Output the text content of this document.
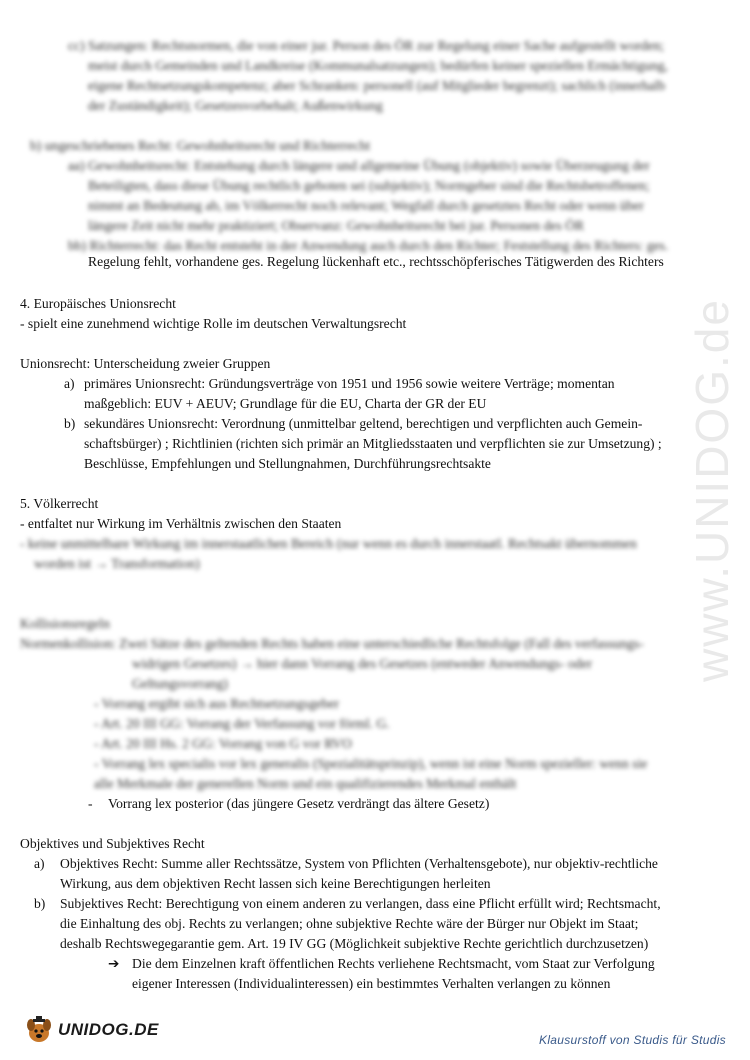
www.UNIDOG.de
cc) Satzungen: Rechtsnormen, die von einer jur. Person des ÖR zur Regelung einer Sache aufgestellt worden;
meist durch Gemeinden und Landkreise (Kommunalsatzungen); bedürfen keiner speziellen Ermächtigung,
eigene Rechtsetzungskompetenz; aber Schranken: personell (auf Mitglieder begrenzt); sachlich (innerhalb
der Zuständigkeit); Gesetzesvorbehalt; Außenwirkung

b) ungeschriebenes Recht: Gewohnheitsrecht und Richterrecht
aa) Gewohnheitsrecht: Entstehung durch längere und allgemeine Übung (objektiv) sowie Überzeugung der
Beteiligten, dass diese Übung rechtlich geboten sei (subjektiv); Normgeber sind die Rechtsbetroffenen;
nimmt an Bedeutung ab, im Völkerrecht noch relevant; Wegfall durch gesetztes Recht oder wenn über
längere Zeit nicht mehr praktiziert; Observanz: Gewohnheitsrecht bei jur. Personen des ÖR
bb) Richterrecht: das Recht entsteht in der Anwendung auch durch den Richter; Feststellung des Richters: ges.
Regelung fehlt, vorhandene ges. Regelung lückenhaft etc., rechtsschöpferisches Tätigwerden des Richters
4. Europäisches Unionsrecht
- spielt eine zunehmend wichtige Rolle im deutschen Verwaltungsrecht
Unionsrecht: Unterscheidung zweier Gruppen
a) primäres Unionsrecht: Gründungsverträge von 1951 und 1956 sowie weitere Verträge; momentan
maßgeblich: EUV + AEUV; Grundlage für die EU, Charta der GR der EU
b) sekundäres Unionsrecht: Verordnung (unmittelbar geltend, berechtigen und verpflichten auch Gemein-
schaftsbürger) ; Richtlinien (richten sich primär an Mitgliedsstaaten und verpflichten sie zur Umsetzung) ;
Beschlüsse, Empfehlungen und Stellungnahmen, Durchführungsrechtsakte
5. Völkerrecht
- entfaltet nur Wirkung im Verhältnis zwischen den Staaten
- keine unmittelbare Wirkung im innerstaatlichen Bereich (nur wenn es durch innerstaatl. Rechtsakt übernommen
worden ist → Transformation)
Kollisionsregeln
Normenkollision: Zwei Sätze des geltenden Rechts haben eine unterschiedliche Rechtsfolge (Fall des verfassungs-
widrigen Gesetzes) → hier dann Vorrang des Gesetzes (entweder Anwendungs- oder
Geltungsvorrang)
- Vorrang ergibt sich aus Rechtsetzungsgeber
- Art. 20 III GG: Vorrang der Verfassung vor förml. G.
- Art. 20 III Hs. 2 GG: Vorrang von G vor RVO
- Vorrang lex specialis vor lex generalis (Spezialitätsprinzip), wenn ist eine Norm spezieller: wenn sie
alle Merkmale der generellen Norm und ein qualifizierendes Merkmal enthält
- Vorrang lex posterior (das jüngere Gesetz verdrängt das ältere Gesetz)
Objektives und Subjektives Recht
a) Objektives Recht: Summe aller Rechtssätze, System von Pflichten (Verhaltensgebote), nur objektiv-rechtliche
Wirkung, aus dem objektiven Recht lassen sich keine Berechtigungen herleiten
b) Subjektives Recht: Berechtigung von einem anderen zu verlangen, dass eine Pflicht erfüllt wird; Rechtsmacht,
die Einhaltung des obj. Rechts zu verlangen; ohne subjektive Rechte wäre der Bürger nur Objekt im Staat;
deshalb Rechtswegegarantie gem. Art. 19 IV GG (Möglichkeit subjektive Rechte gerichtlich durchzusetzen)
➔ Die dem Einzelnen kraft öffentlichen Rechts verliehene Rechtsmacht, vom Staat zur Verfolgung
eigener Interessen (Individualinteressen) ein bestimmtes Verhalten verlangen zu können
UNIDOG.DE
Klausurstoff von Studis für Studis
